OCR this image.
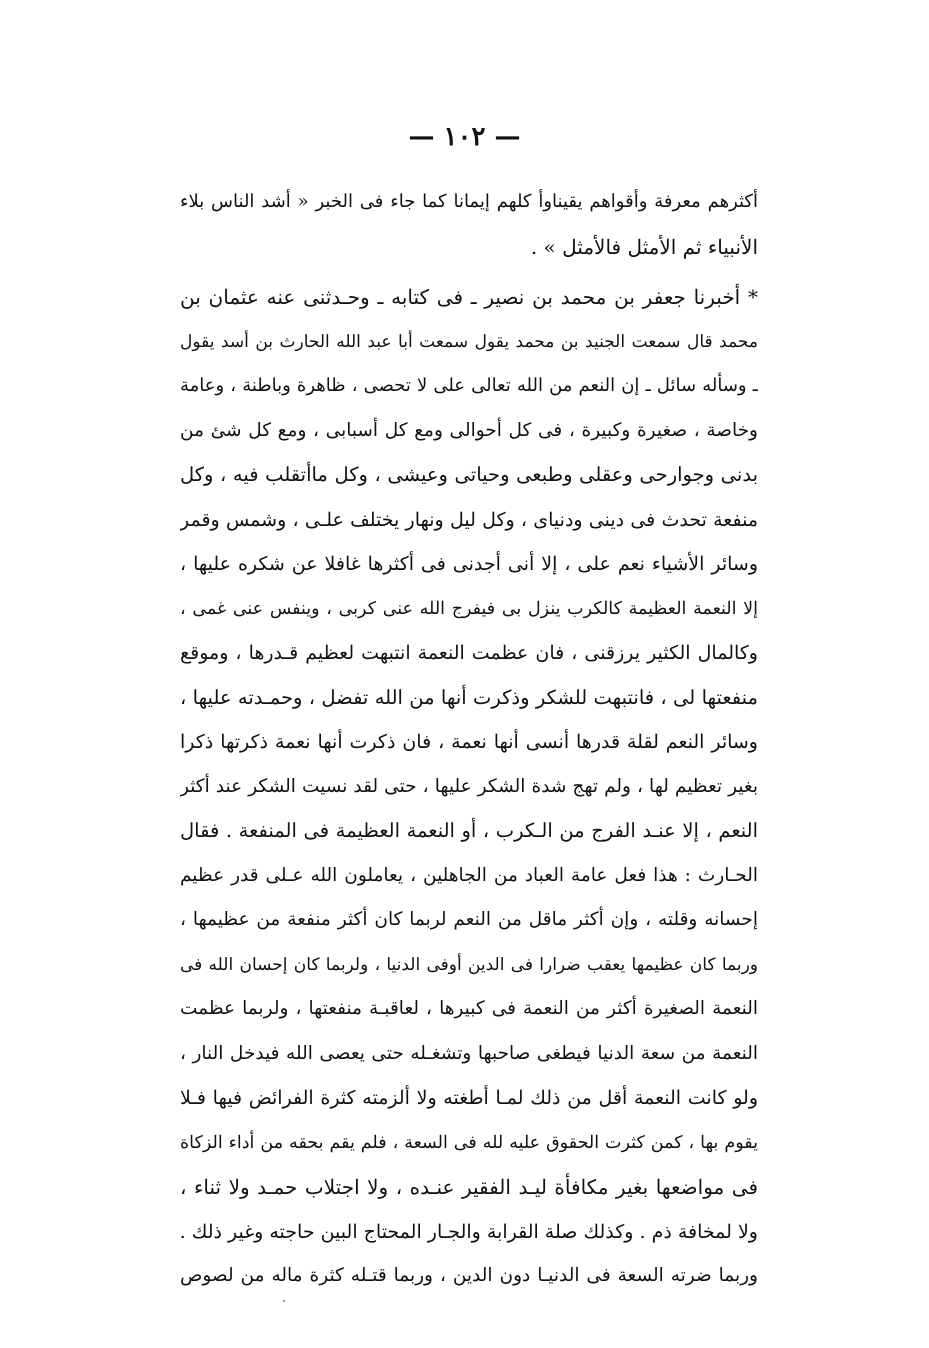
— ١٠٢ —
أكثرهم معرفة وأقواهم يقيناوأ كلهم إيمانا كما جاء فى الخبر « أشد الناس بلاء
الأنبياء ثم الأمثل فالأمثل » .
* أخبرنا جعفر بن محمد بن نصير ـ فى كتابه ـ وحـدثنى عنه عثمان بن
محمد قال سمعت الجنيد بن محمد يقول سمعت أبا عبد الله الحارث بن أسد يقول
ـ وسأله سائل ـ إن النعم من الله تعالى على لا تحصى ، ظاهرة وباطنة ، وعامة
وخاصة ، صغيرة وكبيرة ، فى كل أحوالى ومع كل أسبابى ، ومع كل شئ من
بدنى وجوارحى وعقلى وطبعى وحياتى وعيشى ، وكل ماأتقلب فيه ، وكل
منفعة تحدث فى دينى ودنياى ، وكل ليل ونهار يختلف علـى ، وشمس وقمر
وسائر الأشياء نعم على ، إلا أنى أجدنى فى أكثرها غافلا عن شكره عليها ،
إلا النعمة العظيمة كالكرب ينزل بى فيفرج الله عنى كربى ، وينفس عنى غمى ،
وكالمال الكثير يرزقنى ، فان عظمت النعمة انتبهت لعظيم قـدرها ، وموقع
منفعتها لى ، فانتبهت للشكر وذكرت أنها من الله تفضل ، وحمـدته عليها ،
وسائر النعم لقلة قدرها أنسى أنها نعمة ، فان ذكرت أنها نعمة ذكرتها ذكرا
بغير تعظيم لها ، ولم تهج شدة الشكر عليها ، حتى لقد نسيت الشكر عند أكثر
النعم ، إلا عنـد الفرج من الـكرب ، أو النعمة العظيمة فى المنفعة . فقال
الحـارث : هذا فعل عامة العباد من الجاهلين ، يعاملون الله عـلى قدر عظيم
إحسانه وقلته ، وإن أكثر ماقل من النعم لربما كان أكثر منفعة من عظيمها ،
وربما كان عظيمها يعقب ضرارا فى الدين أوفى الدنيا ، ولربما كان إحسان الله فى
النعمة الصغيرة أكثر من النعمة فى كبيرها ، لعاقبـة منفعتها ، ولربما عظمت
النعمة من سعة الدنيا فيطغى صاحبها وتشغـله حتى يعصى الله فيدخل النار ،
ولو كانت النعمة أقل من ذلك لمـا أطغته ولا ألزمته كثرة الفرائض فيها فـلا
يقوم بها ، كمن كثرت الحقوق عليه لله فى السعة ، فلم يقم بحقه من أداء الزكاة
فى مواضعها بغير مكافأة ليـد الفقير عنـده ، ولا اجتلاب حمـد ولا ثناء ،
ولا لمخافة ذم . وكذلك صلة القرابة والجـار المحتاج البين حاجته وغير ذلك .
وربما ضرته السعة فى الدنيـا دون الدين ، وربما قتـله كثرة ماله من لصوص
